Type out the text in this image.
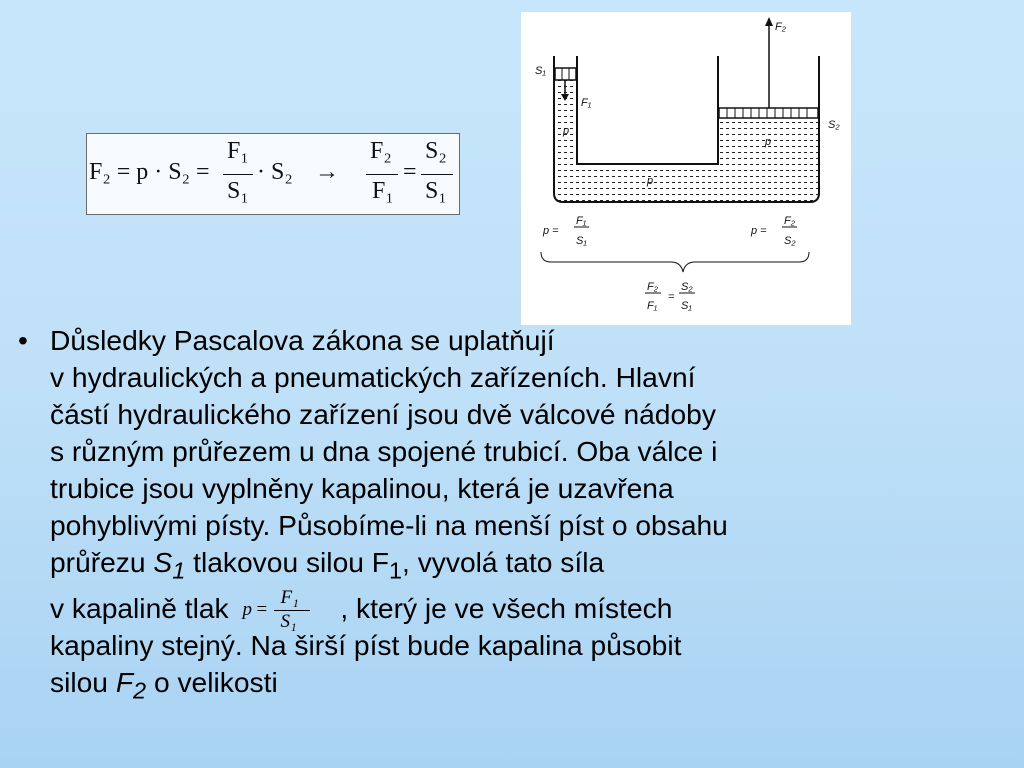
F₂ = p · S₂ =
F₁
S₁
· S₂ →
F₂
F₁
=
S₂
S₁
S₁
F₁
F₂
S₂
p
p
p
p =
F₁
S₁
p =
F₂
S₂
F₂
F₁
=
S₂
S₁
• Důsledky Pascalova zákona se uplatňují
v hydraulických a pneumatických zařízeních. Hlavní
částí hydraulického zařízení jsou dvě válcové nádoby
s různým průřezem u dna spojené trubicí. Oba válce i
trubice jsou vyplněny kapalinou, která je uzavřena
pohyblivými písty. Působíme-li na menší píst o obsahu
průřezu $S_1$ tlakovou silou $F_1$, vyvolá tato síla
v kapalině tlak p =
F₁
S₁ , který je ve všech místech
kapaliny stejný. Na širší píst bude kapalina působit
silou $F_2$ o velikosti
